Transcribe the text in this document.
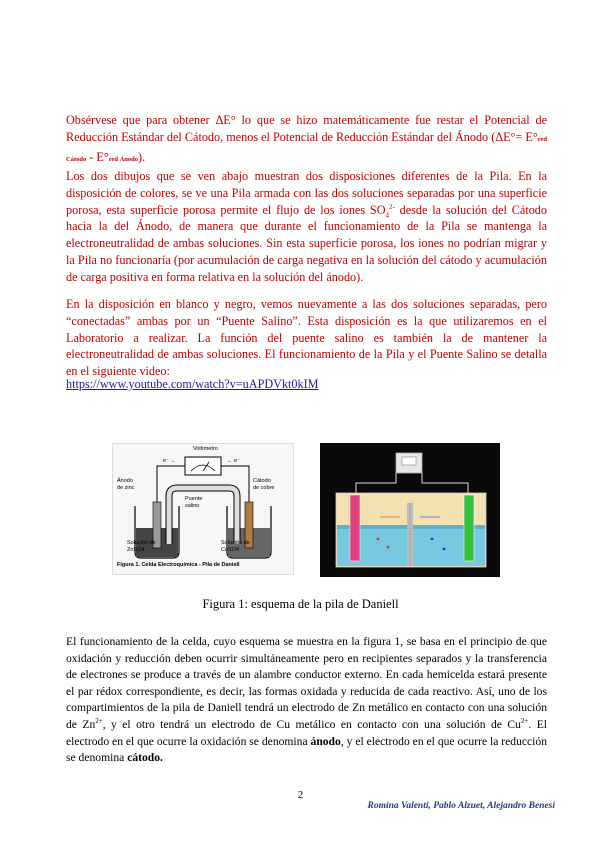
Obsérvese que para obtener ΔE° lo que se hizo matemáticamente fue restar el Potencial de Reducción Estándar del Cátodo, menos el Potencial de Reducción Estándar del Ánodo (ΔE°= E°red Cátodo - E°red Ánodo).

Los dos dibujos que se ven abajo muestran dos disposiciones diferentes de la Pila. En la disposición de colores, se ve una Pila armada con las dos soluciones separadas por una superficie porosa, esta superficie porosa permite el flujo de los iones $SO_4^{2-}$ desde la solución del Cátodo hacia la del Ánodo, de manera que durante el funcionamiento de la Pila se mantenga la electroneutralidad de ambas soluciones. Sin esta superficie porosa, los iones no podrían migrar y la Pila no funcionaría (por acumulación de carga negativa en la solución del cátodo y acumulación de carga positiva en forma relativa en la solución del ánodo).

En la disposición en blanco y negro, vemos nuevamente a las dos soluciones separadas, pero “conectadas” ambas por un “Puente Salino”. Esta disposición es la que utilizaremos en el Laboratorio a realizar. La función del puente salino es también la de mantener la electroneutralidad de ambas soluciones. El funcionamiento de la Pila y el Puente Salino se detalla en el siguiente video:

https://www.youtube.com/watch?v=uAPDVkt0kIM
e⁻ ←	← e⁻
Voltímetro
Ánodo
de zinc
Cátodo
de cobre
Puente
salino
Solución de
ZnSO4
Solución de
CuSO4
Figura 1. Celda Electroquímica - Pila de Daniell
Figura 1: esquema de la pila de Daniell

El funcionamiento de la celda, cuyo esquema se muestra en la figura 1, se basa en el principio de que oxidación y reducción deben ocurrir simultáneamente pero en recipientes separados y la transferencia de electrones se produce a través de un alambre conductor externo. En cada hemicelda estará presente el par rédox correspondiente, es decir, las formas oxidada y reducida de cada reactivo. Así, uno de los compartimientos de la pila de Daniell tendrá un electrodo de Zn metálico en contacto con una solución de $Zn^{2+}$, y el otro tendrá un electrodo de Cu metálico en contacto con una solución de $Cu^{2+}$. El electrodo en el que ocurre la oxidación se denomina ánodo, y el electrodo en el que ocurre la reducción se denomina cátodo.

2
Romina Valenti, Pablo Alzuet, Alejandro Benesi
